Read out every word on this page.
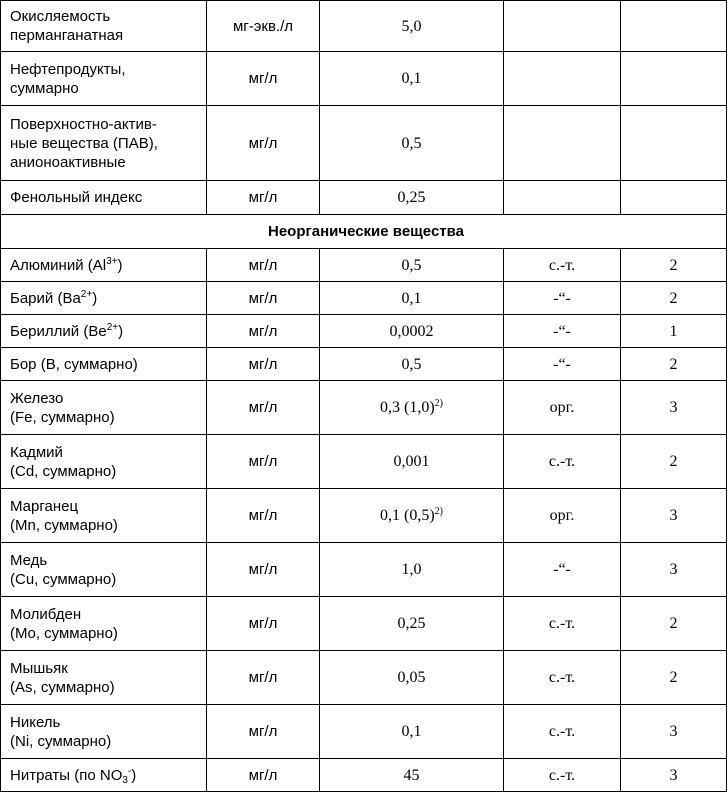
Окисляемость
перманганатная	мг-экв./л	5,0		

Нефтепродукты,
суммарно	мг/л	0,1		

Поверхностно-актив-
ные вещества (ПАВ),
анионоактивные	мг/л	0,5		

Фенольный индекс	мг/л	0,25		
Неорганические вещества				
Алюминий $(Al^{3+})$	мг/л	0,5	с.-т.	2
Барий $(Ba^{2+})$	мг/л	0,1	-“-	2
Бериллий $(Be^{2+})$	мг/л	0,0002	-“-	1
Бор (B, суммарно)	мг/л	0,5	-“-	2

Железо
(Fe, суммарно)	мг/л	0,3 $(1,0)^{2)}$	орг.	3

Кадмий
(Cd, суммарно)	мг/л	0,001	с.-т.	2

Марганец
(Mn, суммарно)	мг/л	0,1 $(0,5)^{2)}$	орг.	3

Медь
(Cu, суммарно)	мг/л	1,0	-“-	3

Молибден
(Mo, суммарно)	мг/л	0,25	с.-т.	2

Мышьяк
(As, суммарно)	мг/л	0,05	с.-т.	2

Никель
(Ni, суммарно)	мг/л	0,1	с.-т.	3
Нитраты (по $NO_3^-$)	мг/л	45	с.-т.	3
